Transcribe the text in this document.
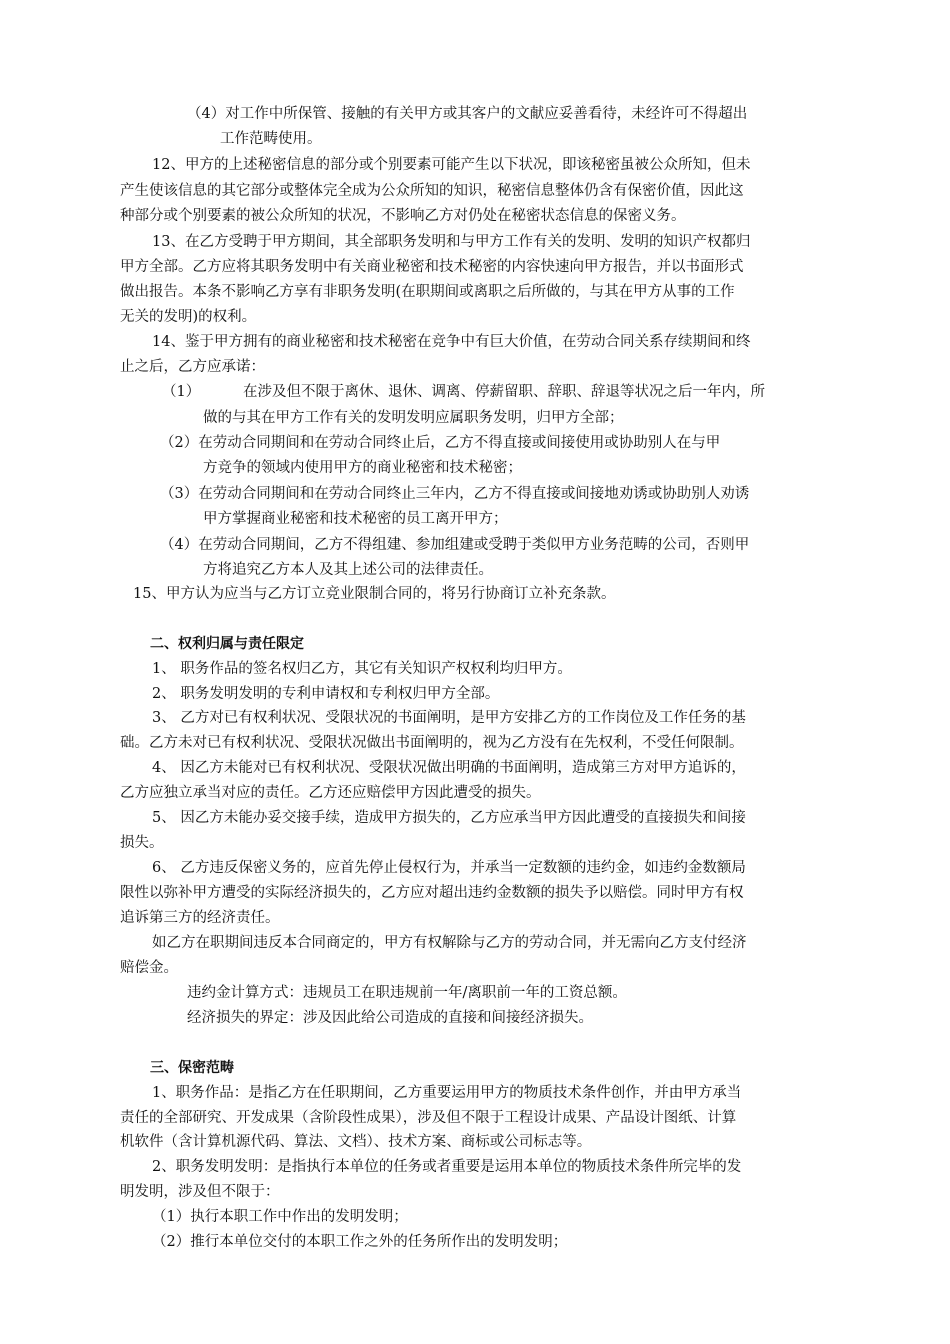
（4）对工作中所保管、接触的有关甲方或其客户的文献应妥善看待，未经许可不得超出
工作范畴使用。
12、甲方的上述秘密信息的部分或个别要素可能产生以下状况，即该秘密虽被公众所知，但未
产生使该信息的其它部分或整体完全成为公众所知的知识，秘密信息整体仍含有保密价值，因此这
种部分或个别要素的被公众所知的状况，不影响乙方对仍处在秘密状态信息的保密义务。
13、在乙方受聘于甲方期间，其全部职务发明和与甲方工作有关的发明、发明的知识产权都归
甲方全部。乙方应将其职务发明中有关商业秘密和技术秘密的内容快速向甲方报告，并以书面形式
做出报告。本条不影响乙方享有非职务发明(在职期间或离职之后所做的，与其在甲方从事的工作
无关的发明)的权利。
14、鉴于甲方拥有的商业秘密和技术秘密在竞争中有巨大价值，在劳动合同关系存续期间和终
止之后，乙方应承诺：
（1）	在涉及但不限于离休、退休、调离、停薪留职、辞职、辞退等状况之后一年内，所
做的与其在甲方工作有关的发明发明应属职务发明，归甲方全部；
（2）在劳动合同期间和在劳动合同终止后，乙方不得直接或间接使用或协助别人在与甲
方竞争的领域内使用甲方的商业秘密和技术秘密；
（3）在劳动合同期间和在劳动合同终止三年内，乙方不得直接或间接地劝诱或协助别人劝诱
甲方掌握商业秘密和技术秘密的员工离开甲方；
（4）在劳动合同期间，乙方不得组建、参加组建或受聘于类似甲方业务范畴的公司，否则甲
方将追究乙方本人及其上述公司的法律责任。
15、甲方认为应当与乙方订立竞业限制合同的，将另行协商订立补充条款。
二、权利归属与责任限定
1、 职务作品的签名权归乙方，其它有关知识产权权利均归甲方。
2、 职务发明发明的专利申请权和专利权归甲方全部。
3、 乙方对已有权利状况、受限状况的书面阐明，是甲方安排乙方的工作岗位及工作任务的基
础。乙方未对已有权利状况、受限状况做出书面阐明的，视为乙方没有在先权利，不受任何限制。
4、 因乙方未能对已有权利状况、受限状况做出明确的书面阐明，造成第三方对甲方追诉的，
乙方应独立承当对应的责任。乙方还应赔偿甲方因此遭受的损失。
5、 因乙方未能办妥交接手续，造成甲方损失的，乙方应承当甲方因此遭受的直接损失和间接
损失。
6、 乙方违反保密义务的，应首先停止侵权行为，并承当一定数额的违约金，如违约金数额局
限性以弥补甲方遭受的实际经济损失的，乙方应对超出违约金数额的损失予以赔偿。同时甲方有权
追诉第三方的经济责任。
如乙方在职期间违反本合同商定的，甲方有权解除与乙方的劳动合同，并无需向乙方支付经济
赔偿金。
违约金计算方式：违规员工在职违规前一年/离职前一年的工资总额。
经济损失的界定：涉及因此给公司造成的直接和间接经济损失。
三、保密范畴
1、职务作品：是指乙方在任职期间，乙方重要运用甲方的物质技术条件创作，并由甲方承当
责任的全部研究、开发成果（含阶段性成果），涉及但不限于工程设计成果、产品设计图纸、计算
机软件（含计算机源代码、算法、文档）、技术方案、商标或公司标志等。
2、职务发明发明：是指执行本单位的任务或者重要是运用本单位的物质技术条件所完毕的发
明发明，涉及但不限于：
（1）执行本职工作中作出的发明发明；
（2）推行本单位交付的本职工作之外的任务所作出的发明发明；
